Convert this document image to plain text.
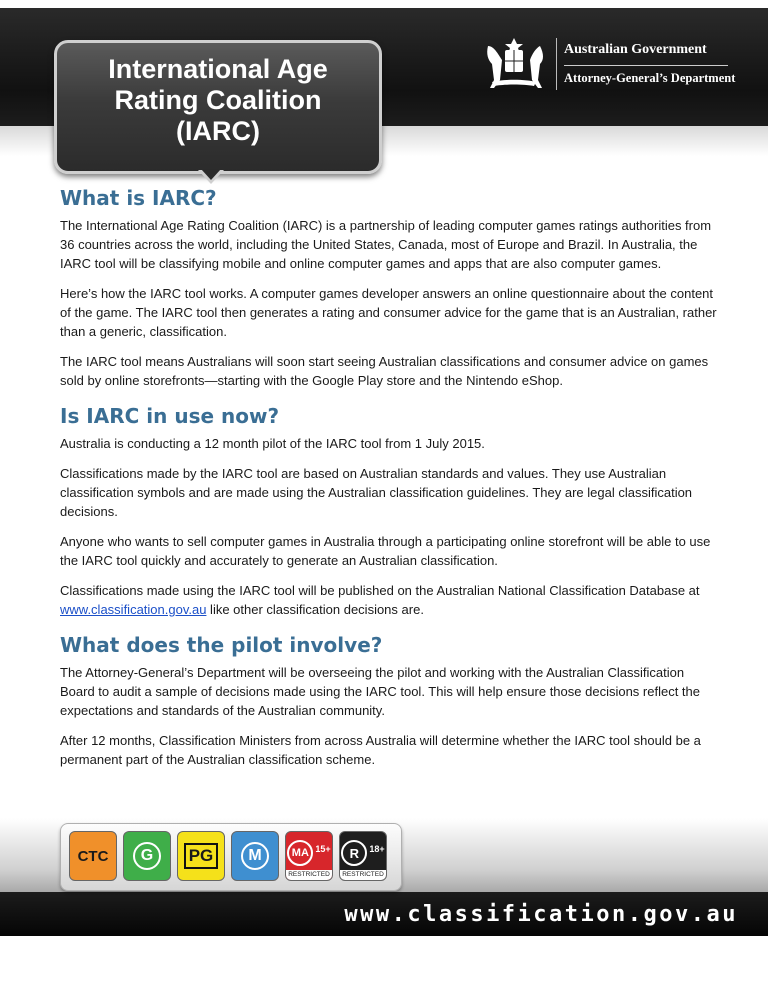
International Age
Rating Coalition
(IARC)
Australian Government
Attorney-General’s Department
What is IARC?

The International Age Rating Coalition (IARC) is a partnership of leading computer games ratings authorities from 36 countries across the world, including the United States, Canada, most of Europe and Brazil. In Australia, the IARC tool will be classifying mobile and online computer games and apps that are also computer games.

Here’s how the IARC tool works. A computer games developer answers an online questionnaire about the content of the game. The IARC tool then generates a rating and consumer advice for the game that is an Australian, rather than a generic, classification.

The IARC tool means Australians will soon start seeing Australian classifications and consumer advice on games sold by online storefronts—starting with the Google Play store and the Nintendo eShop.

Is IARC in use now?

Australia is conducting a 12 month pilot of the IARC tool from 1 July 2015.

Classifications made by the IARC tool are based on Australian standards and values. They use Australian classification symbols and are made using the Australian classification guidelines. They are legal classification decisions.

Anyone who wants to sell computer games in Australia through a participating online storefront will be able to use the IARC tool quickly and accurately to generate an Australian classification.

Classifications made using the IARC tool will be published on the Australian National Classification Database at www.classification.gov.au like other classification decisions are.

What does the pilot involve?

The Attorney-General’s Department will be overseeing the pilot and working with the Australian Classification Board to audit a sample of decisions made using the IARC tool. This will help ensure those decisions reflect the expectations and standards of the Australian community.

After 12 months, Classification Ministers from across Australia will determine whether the IARC tool should be a permanent part of the Australian classification scheme.

www.classification.gov.au
CTC	G	PG	M	MA 15+
RESTRICTED
R	18+
RESTRICTED
